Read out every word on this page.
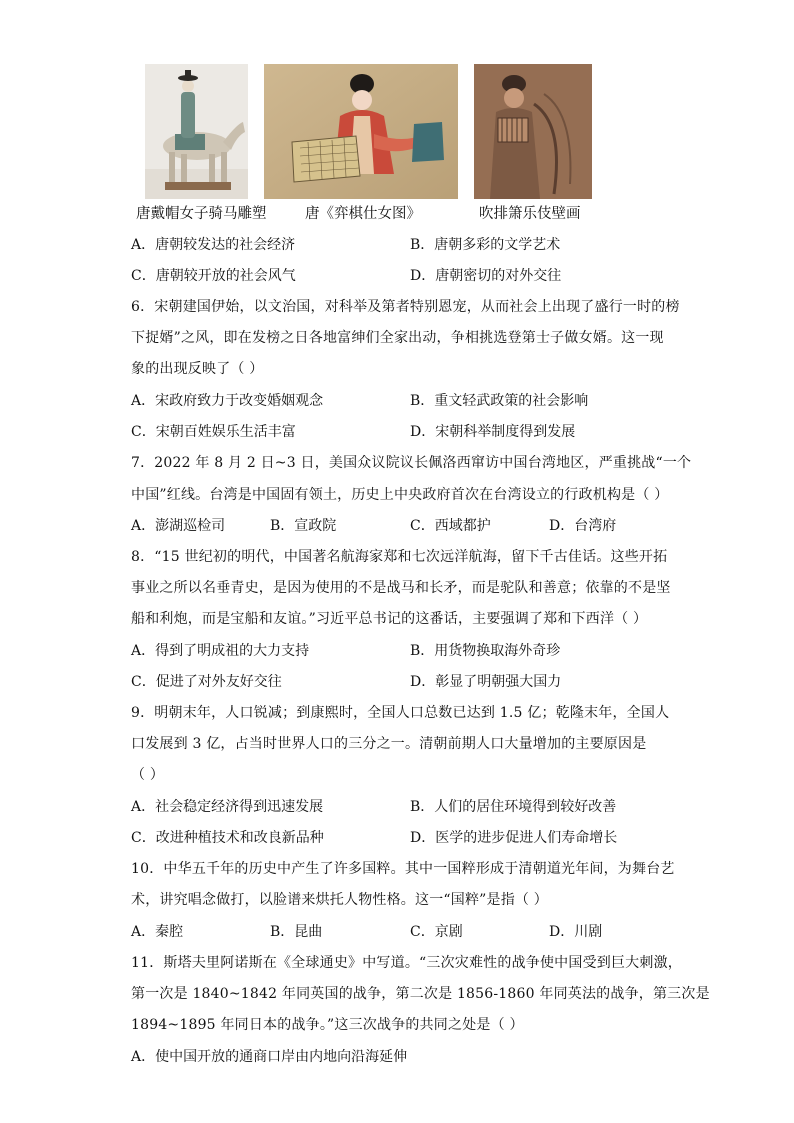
唐戴帽女子骑马雕塑	唐《弈棋仕女图》	吹排箫乐伎壁画
A．唐朝较发达的社会经济	B．唐朝多彩的文学艺术
C．唐朝较开放的社会风气	D．唐朝密切的对外交往
6．宋朝建国伊始，以文治国，对科举及第者特别恩宠，从而社会上出现了盛行一时的榜
下捉婿”之风，即在发榜之日各地富绅们全家出动，争相挑选登第士子做女婿。这一现
象的出现反映了（ ）
A．宋政府致力于改变婚姻观念	B．重文轻武政策的社会影响
C．宋朝百姓娱乐生活丰富	D．宋朝科举制度得到发展
7．2022 年 8 月 2 日~3 日，美国众议院议长佩洛西窜访中国台湾地区，严重挑战“一个
中国”红线。台湾是中国固有领土，历史上中央政府首次在台湾设立的行政机构是（ ）
A．澎湖巡检司	B．宣政院	C．西域都护	D．台湾府
8．“15 世纪初的明代，中国著名航海家郑和七次远洋航海，留下千古佳话。这些开拓
事业之所以名垂青史，是因为使用的不是战马和长矛，而是驼队和善意；依靠的不是坚
船和利炮，而是宝船和友谊。”习近平总书记的这番话，主要强调了郑和下西洋（ ）
A．得到了明成祖的大力支持	B．用货物换取海外奇珍
C．促进了对外友好交往	D．彰显了明朝强大国力
9．明朝末年，人口锐减；到康熙时，全国人口总数已达到 1.5 亿；乾隆末年，全国人
口发展到 3 亿，占当时世界人口的三分之一。清朝前期人口大量增加的主要原因是
（ ）
A．社会稳定经济得到迅速发展	B．人们的居住环境得到较好改善
C．改进种植技术和改良新品种	D．医学的进步促进人们寿命增长
10．中华五千年的历史中产生了许多国粹。其中一国粹形成于清朝道光年间，为舞台艺
术，讲究唱念做打，以脸谱来烘托人物性格。这一“国粹”是指（ ）
A．秦腔	B．昆曲	C．京剧	D．川剧
11．斯塔夫里阿诺斯在《全球通史》中写道。“三次灾难性的战争使中国受到巨大刺激，
第一次是 1840~1842 年同英国的战争，第二次是 1856-1860 年同英法的战争，第三次是
1894~1895 年同日本的战争。”这三次战争的共同之处是（ ）
A．使中国开放的通商口岸由内地向沿海延伸
